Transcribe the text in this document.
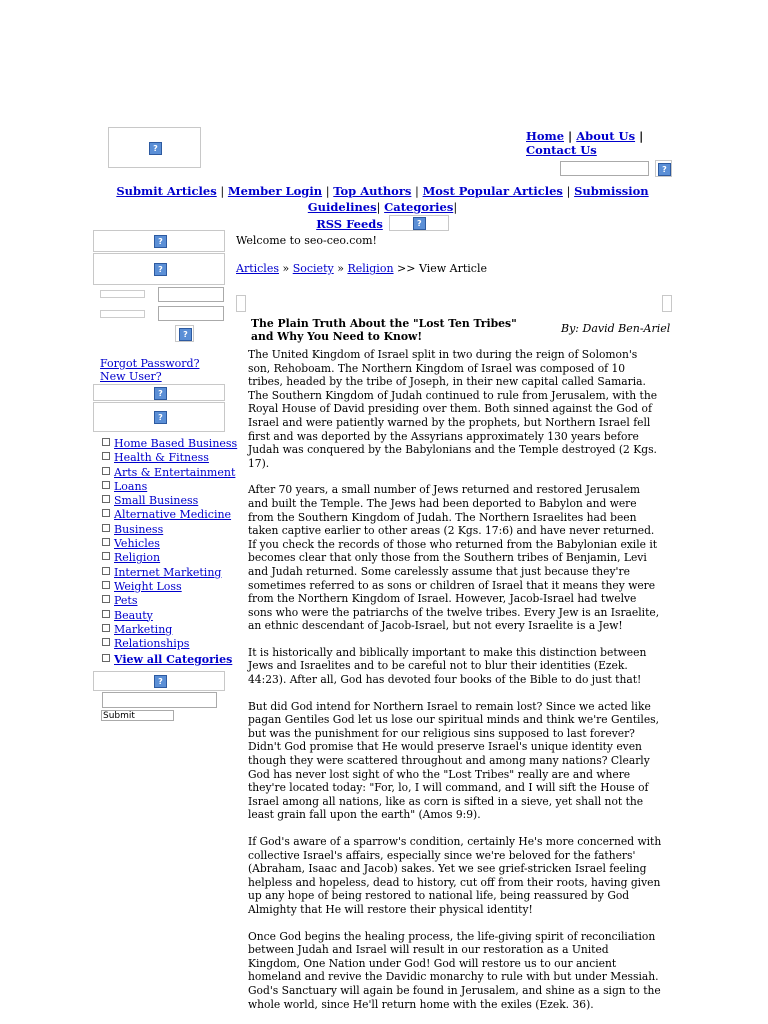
?
Home | About Us | Contact Us
?
Submit Articles | Member Login | Top Authors | Most Popular Articles | Submission Guidelines| Categories|
RSS Feeds	?
?
?
?
Forgot Password?New User?
?
?
Home Based Business
Health & Fitness
Arts & Entertainment
Loans
Small Business
Alternative Medicine
Business
Vehicles
Religion
Internet Marketing
Weight Loss
Pets
Beauty
Marketing
Relationships
View all Categories
?
Submit
Welcome to seo-ceo.com!
Articles » Society » Religion >> View Article
The Plain Truth About the "Lost Ten Tribes" and Why You Need to Know!
By: David Ben-Ariel

The United Kingdom of Israel split in two during the reign of Solomon's son, Rehoboam. The Northern Kingdom of Israel was composed of 10 tribes, headed by the tribe of Joseph, in their new capital called Samaria. The Southern Kingdom of Judah continued to rule from Jerusalem, with the Royal House of David presiding over them. Both sinned against the God of Israel and were patiently warned by the prophets, but Northern Israel fell first and was deported by the Assyrians approximately 130 years before Judah was conquered by the Babylonians and the Temple destroyed (2 Kgs. 17).

After 70 years, a small number of Jews returned and restored Jerusalem and built the Temple. The Jews had been deported to Babylon and were from the Southern Kingdom of Judah. The Northern Israelites had been taken captive earlier to other areas (2 Kgs. 17:6) and have never returned. If you check the records of those who returned from the Babylonian exile it becomes clear that only those from the Southern tribes of Benjamin, Levi and Judah returned. Some carelessly assume that just because they're sometimes referred to as sons or children of Israel that it means they were from the Northern Kingdom of Israel. However, Jacob-Israel had twelve sons who were the patriarchs of the twelve tribes. Every Jew is an Israelite, an ethnic descendant of Jacob-Israel, but not every Israelite is a Jew!

It is historically and biblically important to make this distinction between Jews and Israelites and to be careful not to blur their identities (Ezek. 44:23). After all, God has devoted four books of the Bible to do just that!

But did God intend for Northern Israel to remain lost? Since we acted like pagan Gentiles God let us lose our spiritual minds and think we're Gentiles, but was the punishment for our religious sins supposed to last forever? Didn't God promise that He would preserve Israel's unique identity even though they were scattered throughout and among many nations? Clearly God has never lost sight of who the "Lost Tribes" really are and where they're located today: "For, lo, I will command, and I will sift the House of Israel among all nations, like as corn is sifted in a sieve, yet shall not the least grain fall upon the earth" (Amos 9:9).

If God's aware of a sparrow's condition, certainly He's more concerned with collective Israel's affairs, especially since we're beloved for the fathers' (Abraham, Isaac and Jacob) sakes. Yet we see grief-stricken Israel feeling helpless and hopeless, dead to history, cut off from their roots, having given up any hope of being restored to national life, being reassured by God Almighty that He will restore their physical identity!

Once God begins the healing process, the life-giving spirit of reconciliation between Judah and Israel will result in our restoration as a United Kingdom, One Nation under God! God will restore us to our ancient homeland and revive the Davidic monarchy to rule with but under Messiah. God's Sanctuary will again be found in Jerusalem, and shine as a sign to the whole world, since He'll return home with the exiles (Ezek. 36).
